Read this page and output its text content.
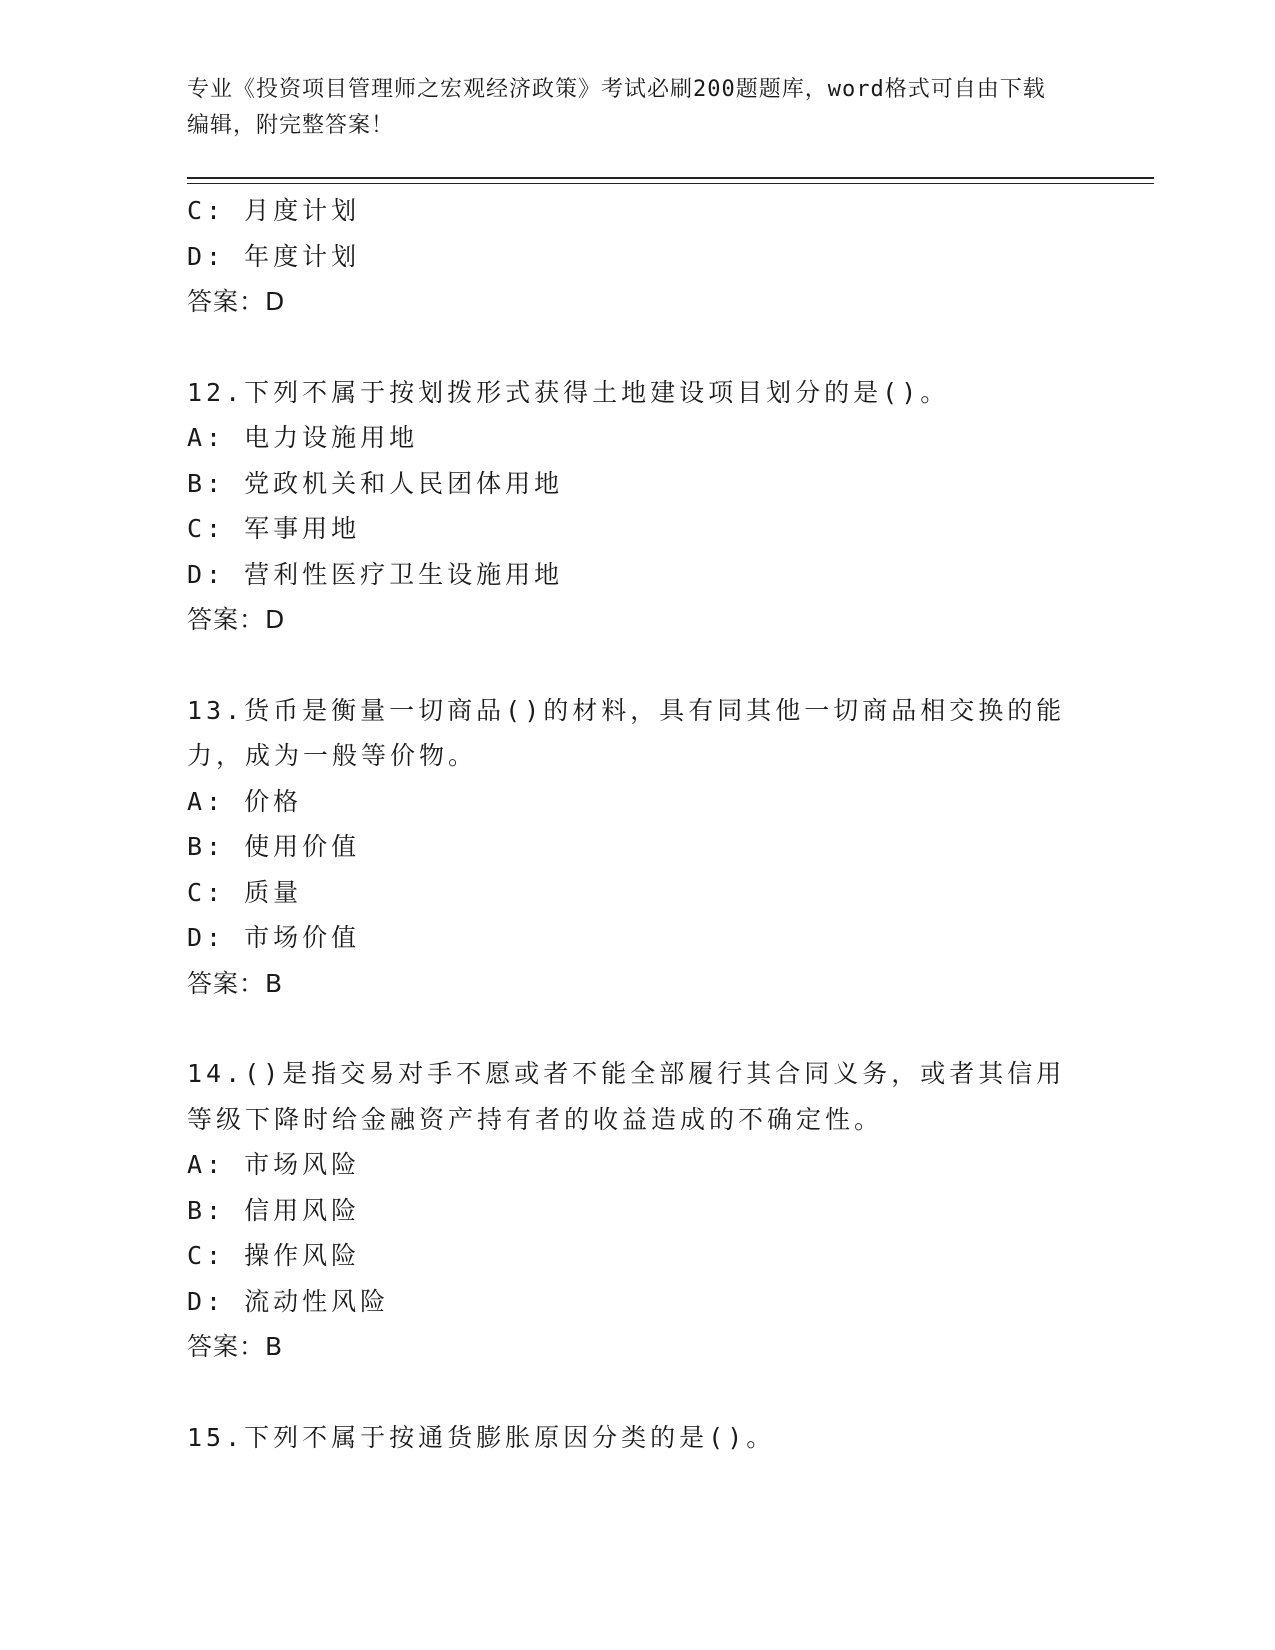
专业《投资项目管理师之宏观经济政策》考试必刷200题题库，word格式可自由下载编辑，附完整答案！
C: 月度计划
D: 年度计划
答案：D
12.下列不属于按划拨形式获得土地建设项目划分的是()。
A: 电力设施用地
B: 党政机关和人民团体用地
C: 军事用地
D: 营利性医疗卫生设施用地
答案：D
13.货币是衡量一切商品()的材料，具有同其他一切商品相交换的能力，成为一般等价物。
A: 价格
B: 使用价值
C: 质量
D: 市场价值
答案：B
14.()是指交易对手不愿或者不能全部履行其合同义务，或者其信用等级下降时给金融资产持有者的收益造成的不确定性。
A: 市场风险
B: 信用风险
C: 操作风险
D: 流动性风险
答案：B
15.下列不属于按通货膨胀原因分类的是()。
